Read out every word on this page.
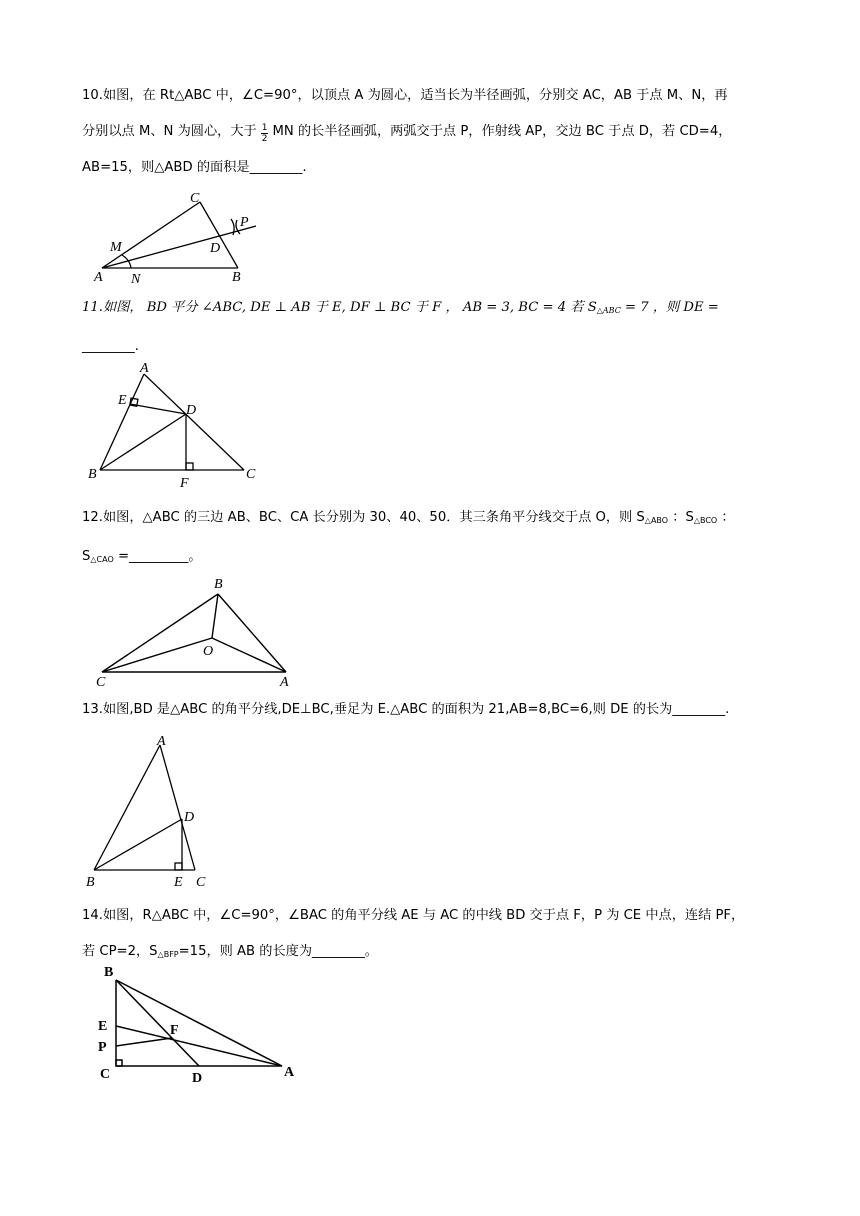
10.如图，在 Rt△ABC 中，∠C=90°，以顶点 A 为圆心，适当长为半径画弧，分别交 AC，AB 于点 M、N，再
分别以点 M、N 为圆心，大于 $\frac{1}{2}$ MN 的长半径画弧，两弧交于点 P，作射线 AP，交边 BC 于点 D，若 CD=4，
AB=15，则△ABD 的面积是________.
C
P
M	D
A N	B
11.如图， BD 平分 ∠ABC, DE ⊥ AB 于 E, DF ⊥ BC 于 F ， AB = 3, BC = 4 若 $S_{\triangle ABC} = 7$ ，则 DE =
________.
A
E
D
B
F
C
12.如图，△ABC 的三边 AB、BC、CA 长分别为 30、40、50．其三条角平分线交于点 O，则 $S_{\triangle ABO}$ ：$S_{\triangle BCO}$ ：
$S_{\triangle CAO}$ =_________。
B
O
C	A
13.如图,BD 是△ABC 的角平分线,DE⊥BC,垂足为 E.△ABC 的面积为 21,AB=8,BC=6,则 DE 的长为________.
A
D
B	E C
14.如图，R△ABC 中，∠C=90°，∠BAC 的角平分线 AE 与 AC 的中线 BD 交于点 F，P 为 CE 中点，连结 PF，
若 CP=2，$S_{\triangle BFP}=15$，则 AB 的长度为________。
B
E	F
P
C	D	A
